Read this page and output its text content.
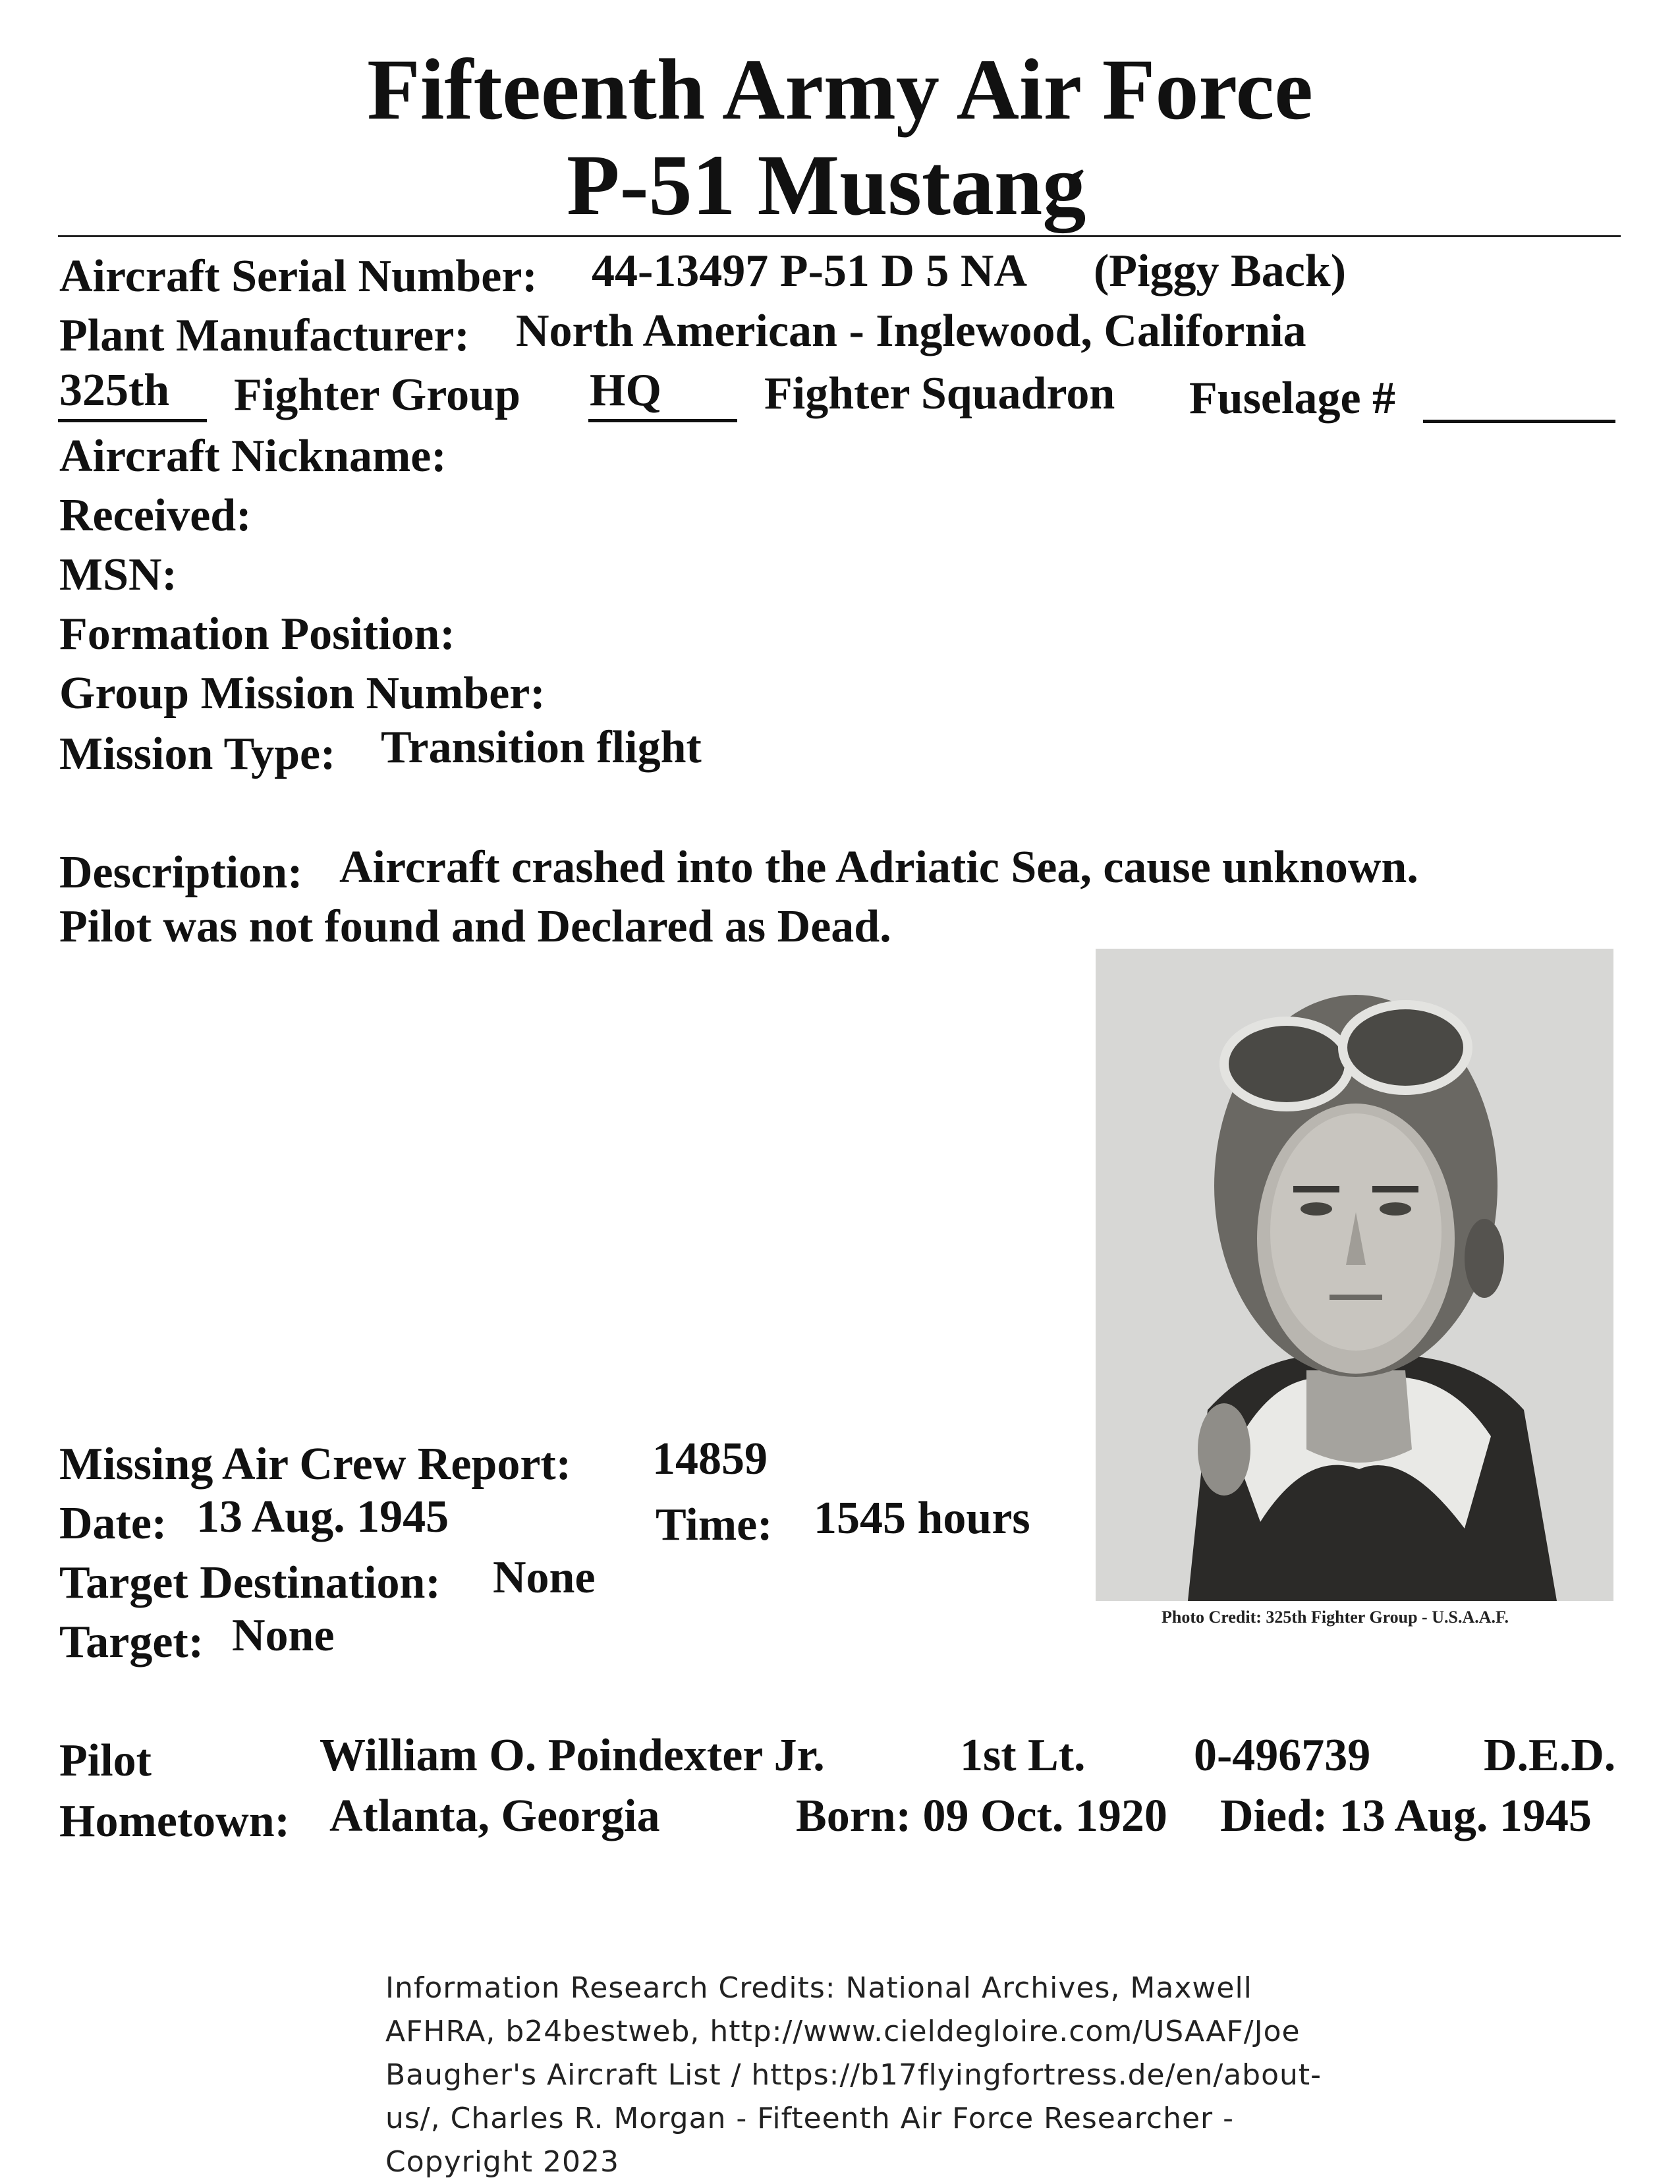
Fifteenth Army Air Force
P-51 Mustang
Aircraft Serial Number: 44-13497 P-51 D 5 NA (Piggy Back)
Plant Manufacturer: North American - Inglewood, California
325th Fighter Group HQ Fighter Squadron Fuselage #
Aircraft Nickname:
Received:
MSN:
Formation Position:
Group Mission Number:
Mission Type: Transition flight
Description: Aircraft crashed into the Adriatic Sea, cause unknown.
Pilot was not found and Declared as Dead.
Photo Credit: 325th Fighter Group - U.S.A.A.F.
Missing Air Crew Report: 14859
Date: 13 Aug. 1945	Time: 1545 hours
Target Destination: None
Target: None
Pilot	William O. Poindexter Jr.	1st Lt. 0-496739 D.E.D.
Hometown: Atlanta, Georgia	Born: 09 Oct. 1920 Died: 13 Aug. 1945
Information Research Credits: National Archives, Maxwell AFHRA, b24bestweb, http://www.cieldegloire.com/USAAF/Joe Baugher's Aircraft List / https://b17flyingfortress.de/en/about-us/, Charles R. Morgan - Fifteenth Air Force Researcher - Copyright 2023
